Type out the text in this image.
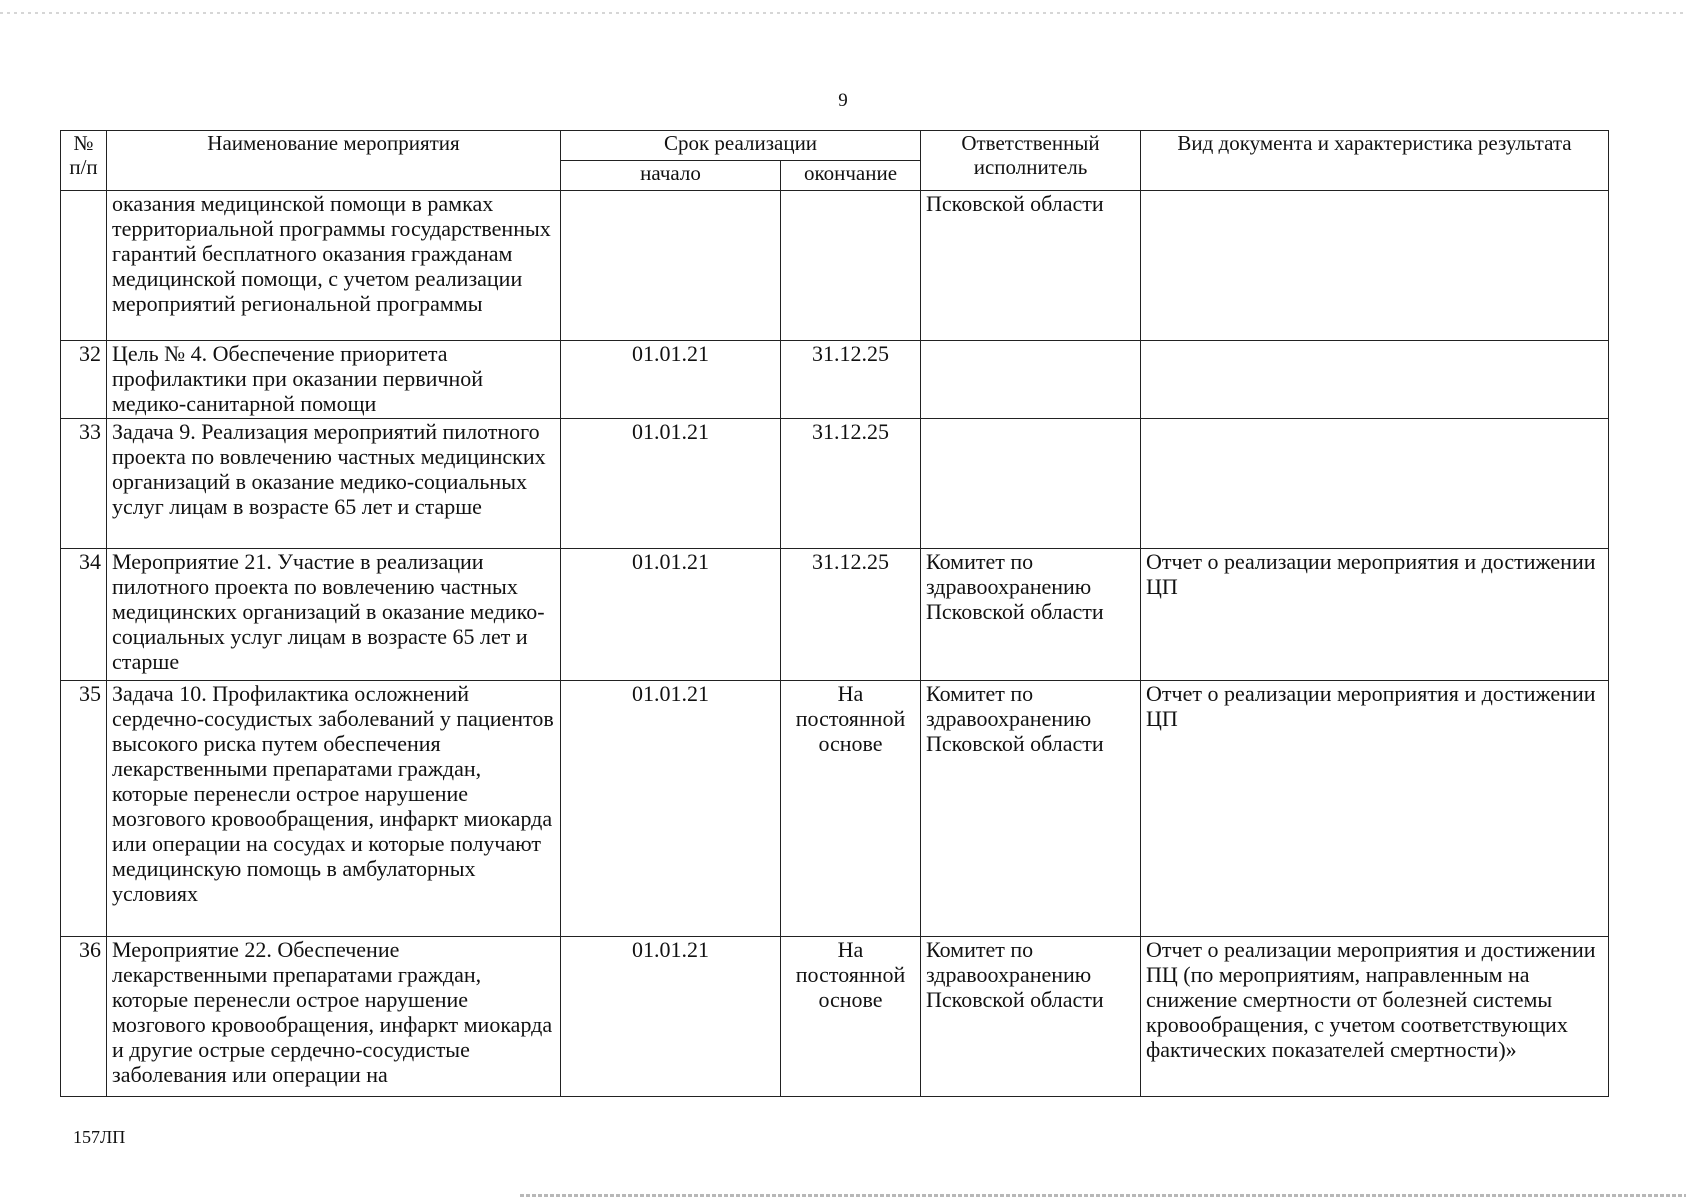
9
№ п/п	Наименование мероприятия	Срок реализации		Ответственный исполнитель	Вид документа и характеристика результата
		начало	окончание		
	оказания медицинской помощи в рамках территориальной программы государственных гарантий бесплатного оказания гражданам медицинской помощи, с учетом реализации мероприятий региональной программы			Псковской области	
32	Цель № 4. Обеспечение приоритета профилактики при оказании первичной медико-санитарной помощи	01.01.21	31.12.25		
33	Задача 9. Реализация мероприятий пилотного проекта по вовлечению частных медицинских организаций в оказание медико-социальных услуг лицам в возрасте 65 лет и старше	01.01.21	31.12.25		
34	Мероприятие 21. Участие в реализации пилотного проекта по вовлечению частных медицинских организаций в оказание медико-социальных услуг лицам в возрасте 65 лет и старше	01.01.21	31.12.25	Комитет по здравоохранению Псковской области	Отчет о реализации мероприятия и достижении ЦП
35	Задача 10. Профилактика осложнений сердечно-сосудистых заболеваний у пациентов высокого риска путем обеспечения лекарственными препаратами граждан, которые перенесли острое нарушение мозгового кровообращения, инфаркт миокарда или операции на сосудах и которые получают медицинскую помощь в амбулаторных условиях	01.01.21	На постоянной основе	Комитет по здравоохранению Псковской области	Отчет о реализации мероприятия и достижении ЦП
36	Мероприятие 22. Обеспечение лекарственными препаратами граждан, которые перенесли острое нарушение мозгового кровообращения, инфаркт миокарда и другие острые сердечно-сосудистые заболевания или операции на	01.01.21	На постоянной основе	Комитет по здравоохранению Псковской области	Отчет о реализации мероприятия и достижении ПЦ (по мероприятиям, направленным на снижение смертности от болезней системы кровообращения, с учетом соответствующих фактических показателей смертности)»
157ЛП
